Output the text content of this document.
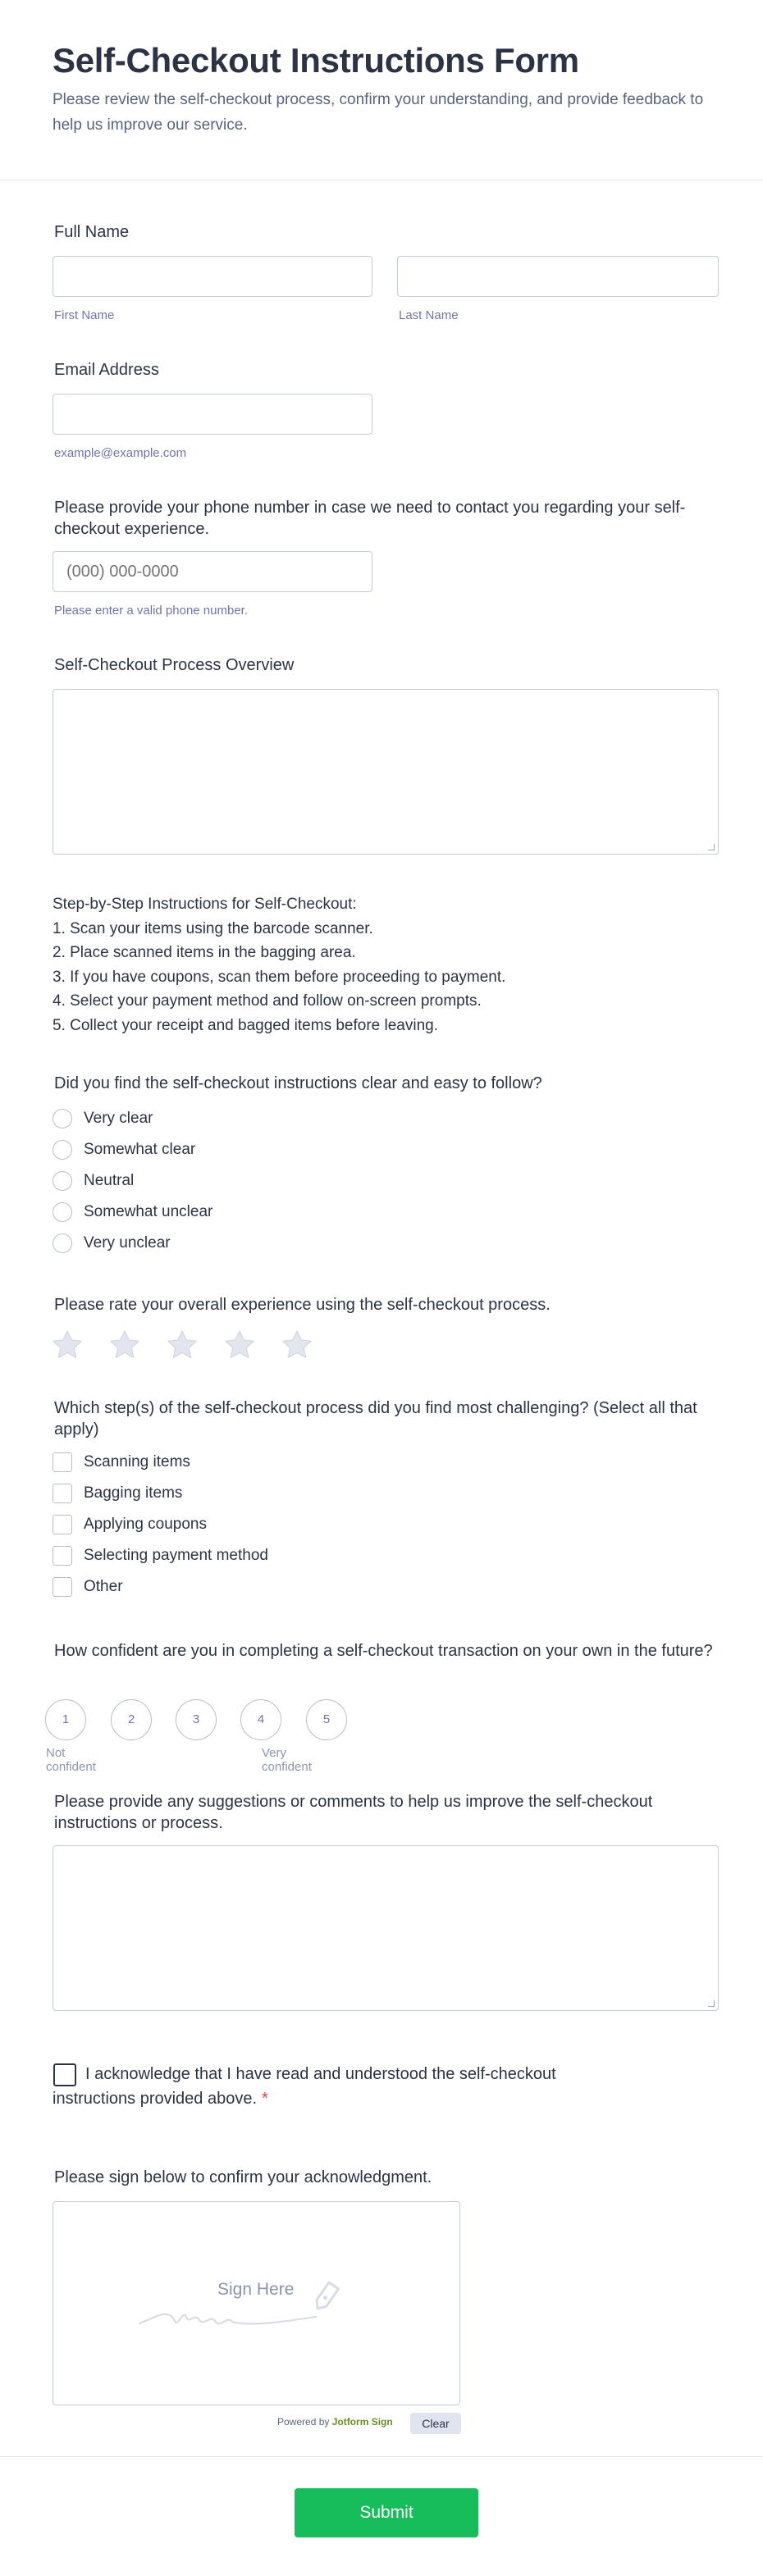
Self-Checkout Instructions Form

Please review the self-checkout process, confirm your understanding, and provide feedback to help us improve our service.

Full Name
First Name	Last Name
Email Address
example@example.com
Please provide your phone number in case we need to contact you regarding your self-checkout experience.
(000) 000-0000
Please enter a valid phone number.
Self-Checkout Process Overview
Step-by-Step Instructions for Self-Checkout:
1. Scan your items using the barcode scanner.
2. Place scanned items in the bagging area.
3. If you have coupons, scan them before proceeding to payment.
4. Select your payment method and follow on-screen prompts.
5. Collect your receipt and bagged items before leaving.
Did you find the self-checkout instructions clear and easy to follow?
Very clear
Somewhat clear
Neutral
Somewhat unclear
Very unclear
Please rate your overall experience using the self-checkout process.
Which step(s) of the self-checkout process did you find most challenging? (Select all that apply)
Scanning items
Bagging items
Applying coupons
Selecting payment method
Other
How confident are you in completing a self-checkout transaction on your own in the future?
1	2	3	4	5
Not confident
Very confident
Please provide any suggestions or comments to help us improve the self-checkout instructions or process.
I acknowledge that I have read and understood the self-checkout instructions provided above. *
Please sign below to confirm your acknowledgment.
Sign Here
Powered by Jotform Sign	Clear
Submit
